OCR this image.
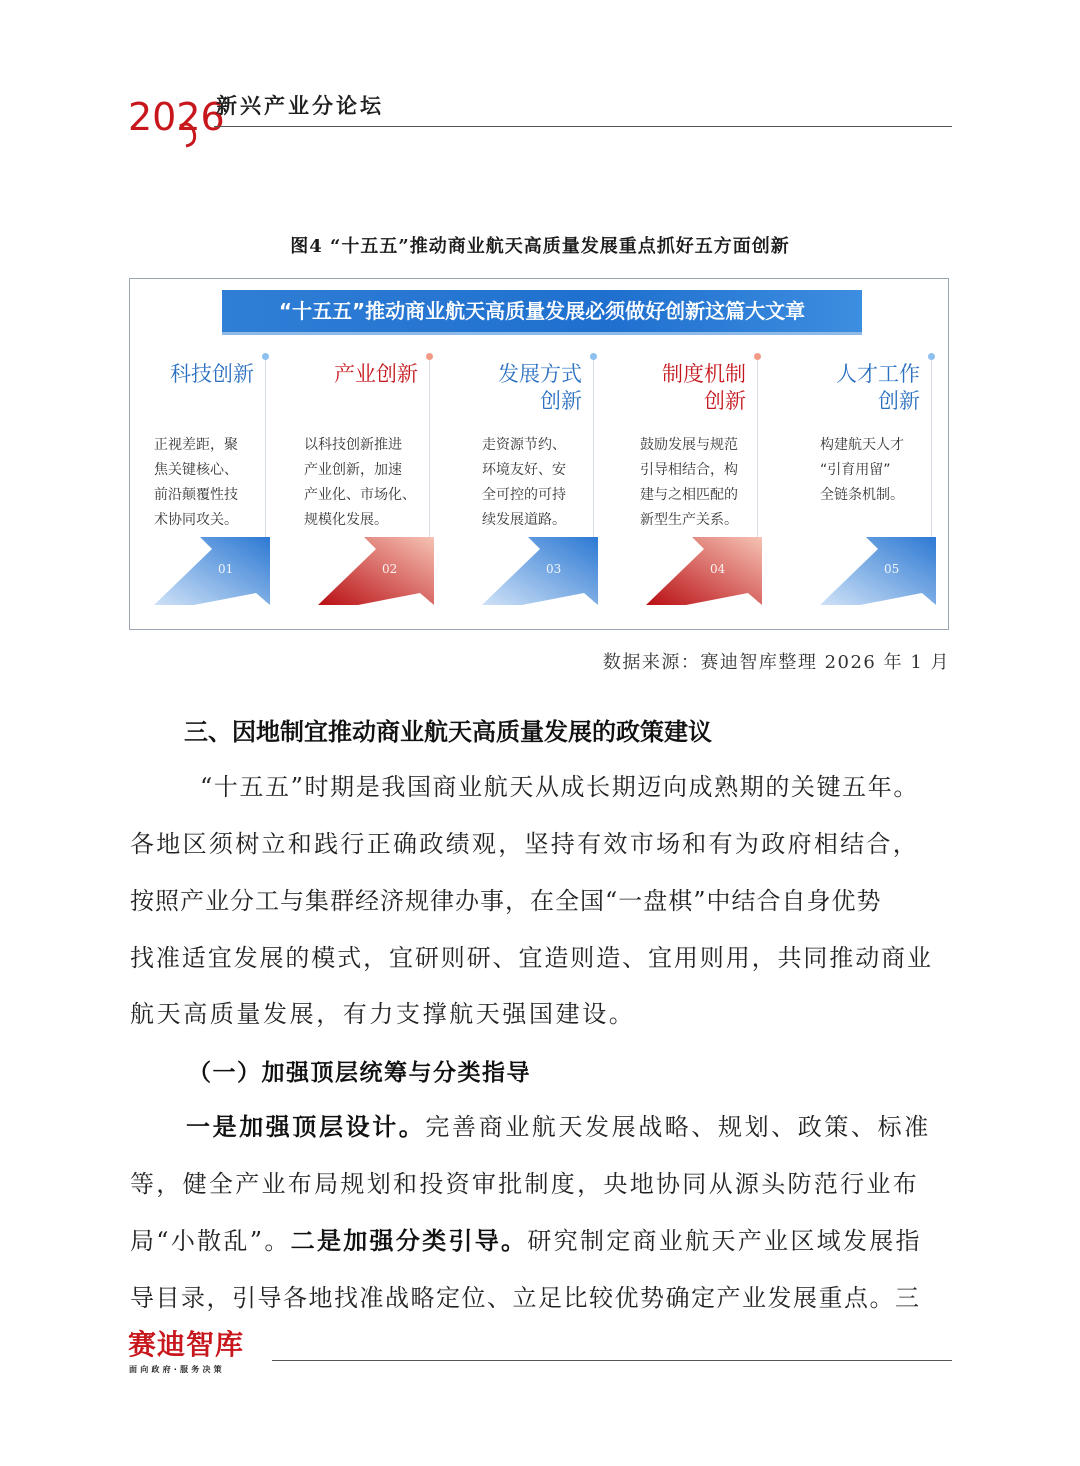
2026
新兴产业分论坛
图4 “十五五”推动商业航天高质量发展重点抓好五方面创新
“十五五”推动商业航天高质量发展必须做好创新这篇大文章
科技创新
正视差距，聚
焦关键核心、
前沿颠覆性技
术协同攻关。
01
产业创新
以科技创新推进
产业创新，加速
产业化、市场化、
规模化发展。
02
发展方式
创新
走资源节约、
环境友好、安
全可控的可持
续发展道路。
03
制度机制
创新
鼓励发展与规范
引导相结合，构
建与之相匹配的
新型生产关系。
04
人才工作
创新
构建航天人才
“引育用留”
全链条机制。
05
数据来源：赛迪智库整理 2026 年 1 月
三、因地制宜推动商业航天高质量发展的政策建议
“十五五”时期是我国商业航天从成长期迈向成熟期的关键五年。
各地区须树立和践行正确政绩观，坚持有效市场和有为政府相结合，
按照产业分工与集群经济规律办事，在全国“一盘棋”中结合自身优势
找准适宜发展的模式，宜研则研、宜造则造、宜用则用，共同推动商业
航天高质量发展，有力支撑航天强国建设。
（一）加强顶层统筹与分类指导
一是加强顶层设计。完善商业航天发展战略、规划、政策、标准
等，健全产业布局规划和投资审批制度，央地协同从源头防范行业布
局“小散乱”。二是加强分类引导。研究制定商业航天产业区域发展指
导目录，引导各地找准战略定位、立足比较优势确定产业发展重点。三
赛迪智库
面向政府·服务决策
